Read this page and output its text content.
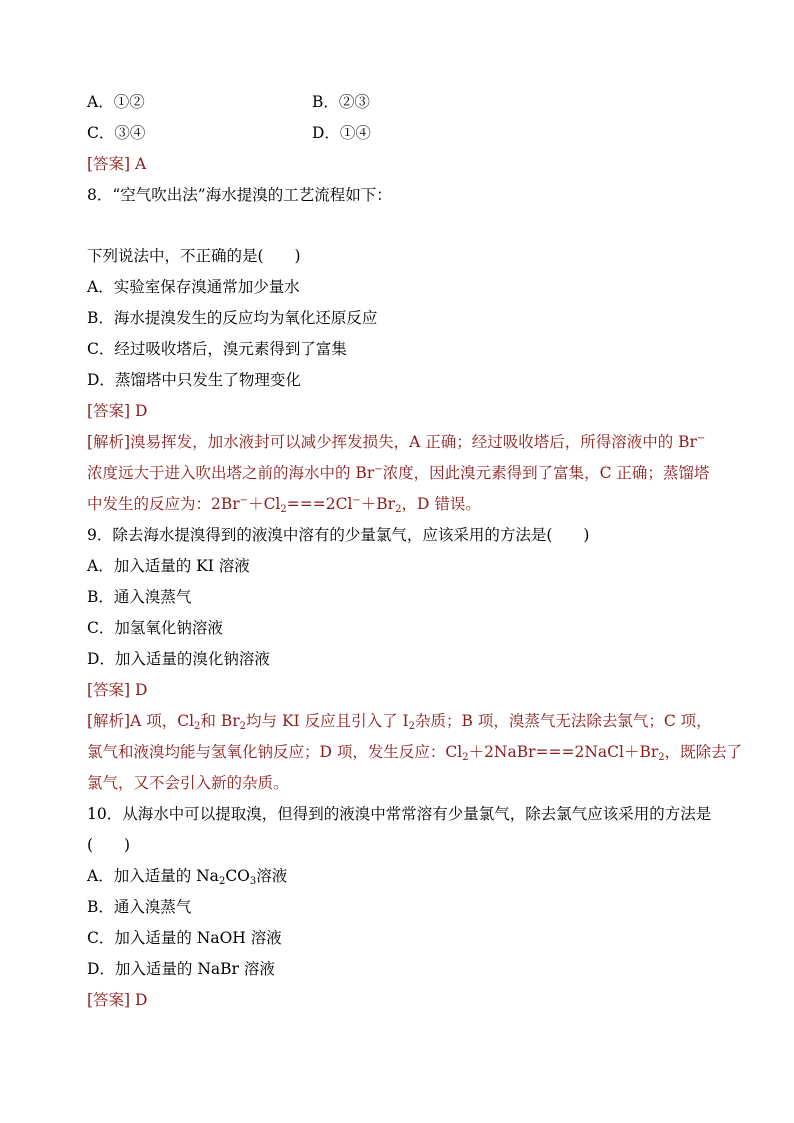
A．①②	B．②③
C．③④	D．①④
[答案] A
8．“空气吹出法”海水提溴的工艺流程如下：
下列说法中，不正确的是(　　)
A．实验室保存溴通常加少量水
B．海水提溴发生的反应均为氧化还原反应
C．经过吸收塔后，溴元素得到了富集
D．蒸馏塔中只发生了物理变化
[答案] D
[解析]溴易挥发，加水液封可以减少挥发损失，A 正确；经过吸收塔后，所得溶液中的 Br−
浓度远大于进入吹出塔之前的海水中的 Br−浓度，因此溴元素得到了富集，C 正确；蒸馏塔
中发生的反应为：$2Br^-+Cl_2===2Cl^-+Br_2$，D 错误。
9．除去海水提溴得到的液溴中溶有的少量氯气，应该采用的方法是(　　)
A．加入适量的 KI 溶液
B．通入溴蒸气
C．加氢氧化钠溶液
D．加入适量的溴化钠溶液
[答案] D
[解析]A 项，$Cl_2$和 $Br_2$均与 KI 反应且引入了 $I_2$杂质；B 项，溴蒸气无法除去氯气；C 项，
氯气和液溴均能与氢氧化钠反应；D 项，发生反应：$Cl_2+2NaBr===2NaCl+Br_2$，既除去了
氯气，又不会引入新的杂质。
10．从海水中可以提取溴，但得到的液溴中常常溶有少量氯气，除去氯气应该采用的方法是
(　　)
A．加入适量的 $Na_2CO_3$溶液
B．通入溴蒸气
C．加入适量的 NaOH 溶液
D．加入适量的 NaBr 溶液
[答案] D
